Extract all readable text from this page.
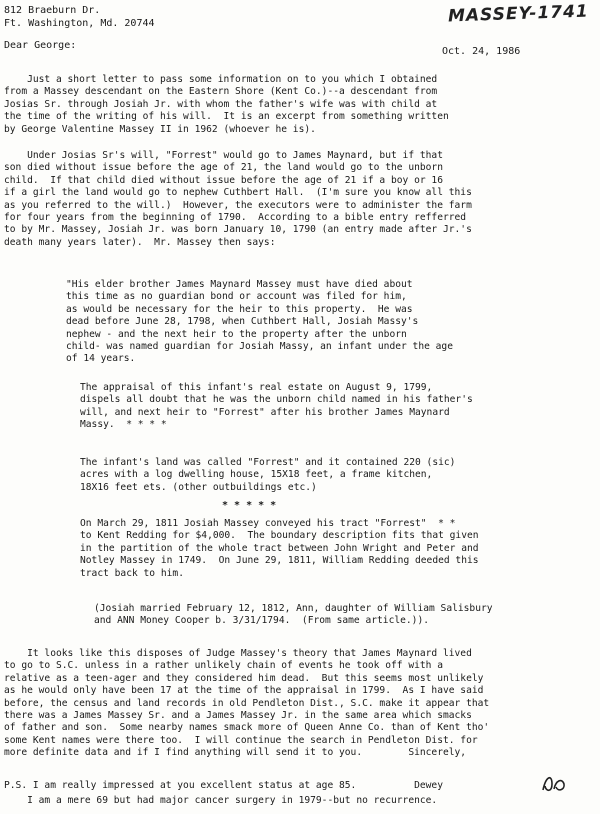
MASSEY-1741
812 Braeburn Dr.
Ft. Washington, Md. 20744
Dear George:
Oct. 24, 1986
Just a short letter to pass some information on to you which I obtained
from a Massey descendant on the Eastern Shore (Kent Co.)--a descendant from
Josias Sr. through Josiah Jr. with whom the father's wife was with child at
the time of the writing of his will.  It is an excerpt from something written
by George Valentine Massey II in 1962 (whoever he is).
Under Josias Sr's will, "Forrest" would go to James Maynard, but if that
son died without issue before the age of 21, the land would go to the unborn
child.  If that child died without issue before the age of 21 if a boy or 16
if a girl the land would go to nephew Cuthbert Hall.  (I'm sure you know all this
as you referred to the will.)  However, the executors were to administer the farm
for four years from the beginning of 1790.  According to a bible entry refferred
to by Mr. Massey, Josiah Jr. was born January 10, 1790 (an entry made after Jr.'s
death many years later).  Mr. Massey then says:
"His elder brother James Maynard Massey must have died about
this time as no guardian bond or account was filed for him,
as would be necessary for the heir to this property.  He was
dead before June 28, 1798, when Cuthbert Hall, Josiah Massy's
nephew - and the next heir to the property after the unborn
child- was named guardian for Josiah Massy, an infant under the age
of 14 years.
The appraisal of this infant's real estate on August 9, 1799,
dispels all doubt that he was the unborn child named in his father's
will, and next heir to "Forrest" after his brother James Maynard
Massy.  * * * *
The infant's land was called "Forrest" and it contained 220 (sic)
acres with a log dwelling house, 15X18 feet, a frame kitchen,
18X16 feet ets. (other outbuildings etc.)
* * * * *
On March 29, 1811 Josiah Massey conveyed his tract "Forrest"  * *
to Kent Redding for $4,000.  The boundary description fits that given
in the partition of the whole tract between John Wright and Peter and
Notley Massey in 1749.  On June 29, 1811, William Redding deeded this
tract back to him.
(Josiah married February 12, 1812, Ann, daughter of William Salisbury
and ANN Money Cooper b. 3/31/1794.  (From same article.)).
It looks like this disposes of Judge Massey's theory that James Maynard lived
to go to S.C. unless in a rather unlikely chain of events he took off with a
relative as a teen-ager and they considered him dead.  But this seems most unlikely
as he would only have been 17 at the time of the appraisal in 1799.  As I have said
before, the census and land records in old Pendleton Dist., S.C. make it appear that
there was a James Massey Sr. and a James Massey Jr. in the same area which smacks
of father and son.  Some nearby names smack more of Queen Anne Co. than of Kent tho'
some Kent names were there too.  I will continue the search in Pendleton Dist. for
more definite data and if I find anything will send it to you.        Sincerely,
P.S. I am really impressed at you excellent status at age 85.          Dewey
I am a mere 69 but had major cancer surgery in 1979--but no recurrence.
